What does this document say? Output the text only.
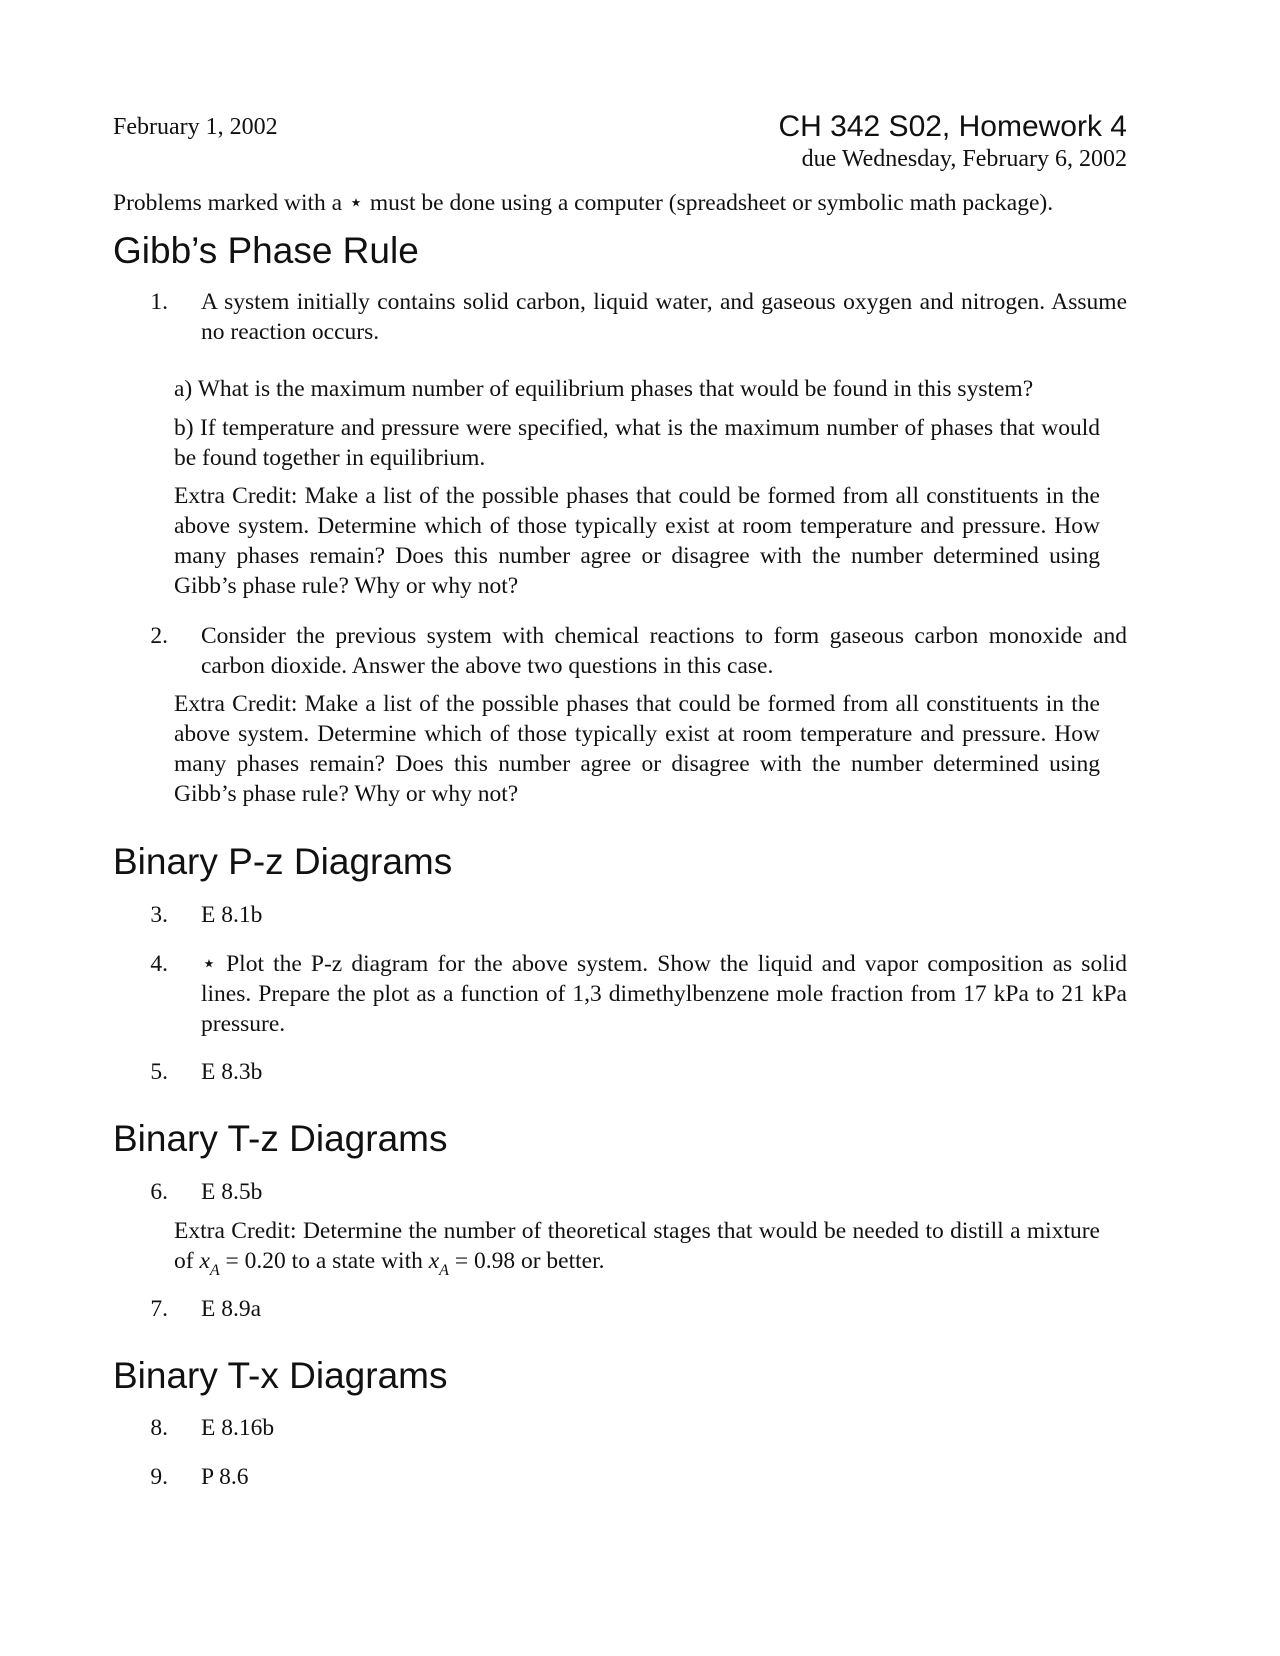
February 1, 2002	CH 342 S02, Homework 4
due Wednesday, February 6, 2002
Problems marked with a ⋆ must be done using a computer (spreadsheet or symbolic math package).
Gibb’s Phase Rule
1. A system initially contains solid carbon, liquid water, and gaseous oxygen and nitrogen. Assume no reaction occurs.
a) What is the maximum number of equilibrium phases that would be found in this system?
b) If temperature and pressure were specified, what is the maximum number of phases that would be found together in equilibrium.
Extra Credit: Make a list of the possible phases that could be formed from all constituents in the above system. Determine which of those typically exist at room temperature and pressure. How many phases remain? Does this number agree or disagree with the number determined using Gibb’s phase rule? Why or why not?
2. Consider the previous system with chemical reactions to form gaseous carbon monoxide and carbon dioxide. Answer the above two questions in this case.
Extra Credit: Make a list of the possible phases that could be formed from all constituents in the above system. Determine which of those typically exist at room temperature and pressure. How many phases remain? Does this number agree or disagree with the number determined using Gibb’s phase rule? Why or why not?
Binary P-z Diagrams
3. E 8.1b
4. ⋆ Plot the P-z diagram for the above system. Show the liquid and vapor composition as solid lines. Prepare the plot as a function of 1,3 dimethylbenzene mole fraction from 17 kPa to 21 kPa pressure.
5. E 8.3b
Binary T-z Diagrams
6. E 8.5b
Extra Credit: Determine the number of theoretical stages that would be needed to distill a mixture of $x_A = 0.20$ to a state with $x_A = 0.98$ or better.
7. E 8.9a
Binary T-x Diagrams
8. E 8.16b
9. P 8.6
